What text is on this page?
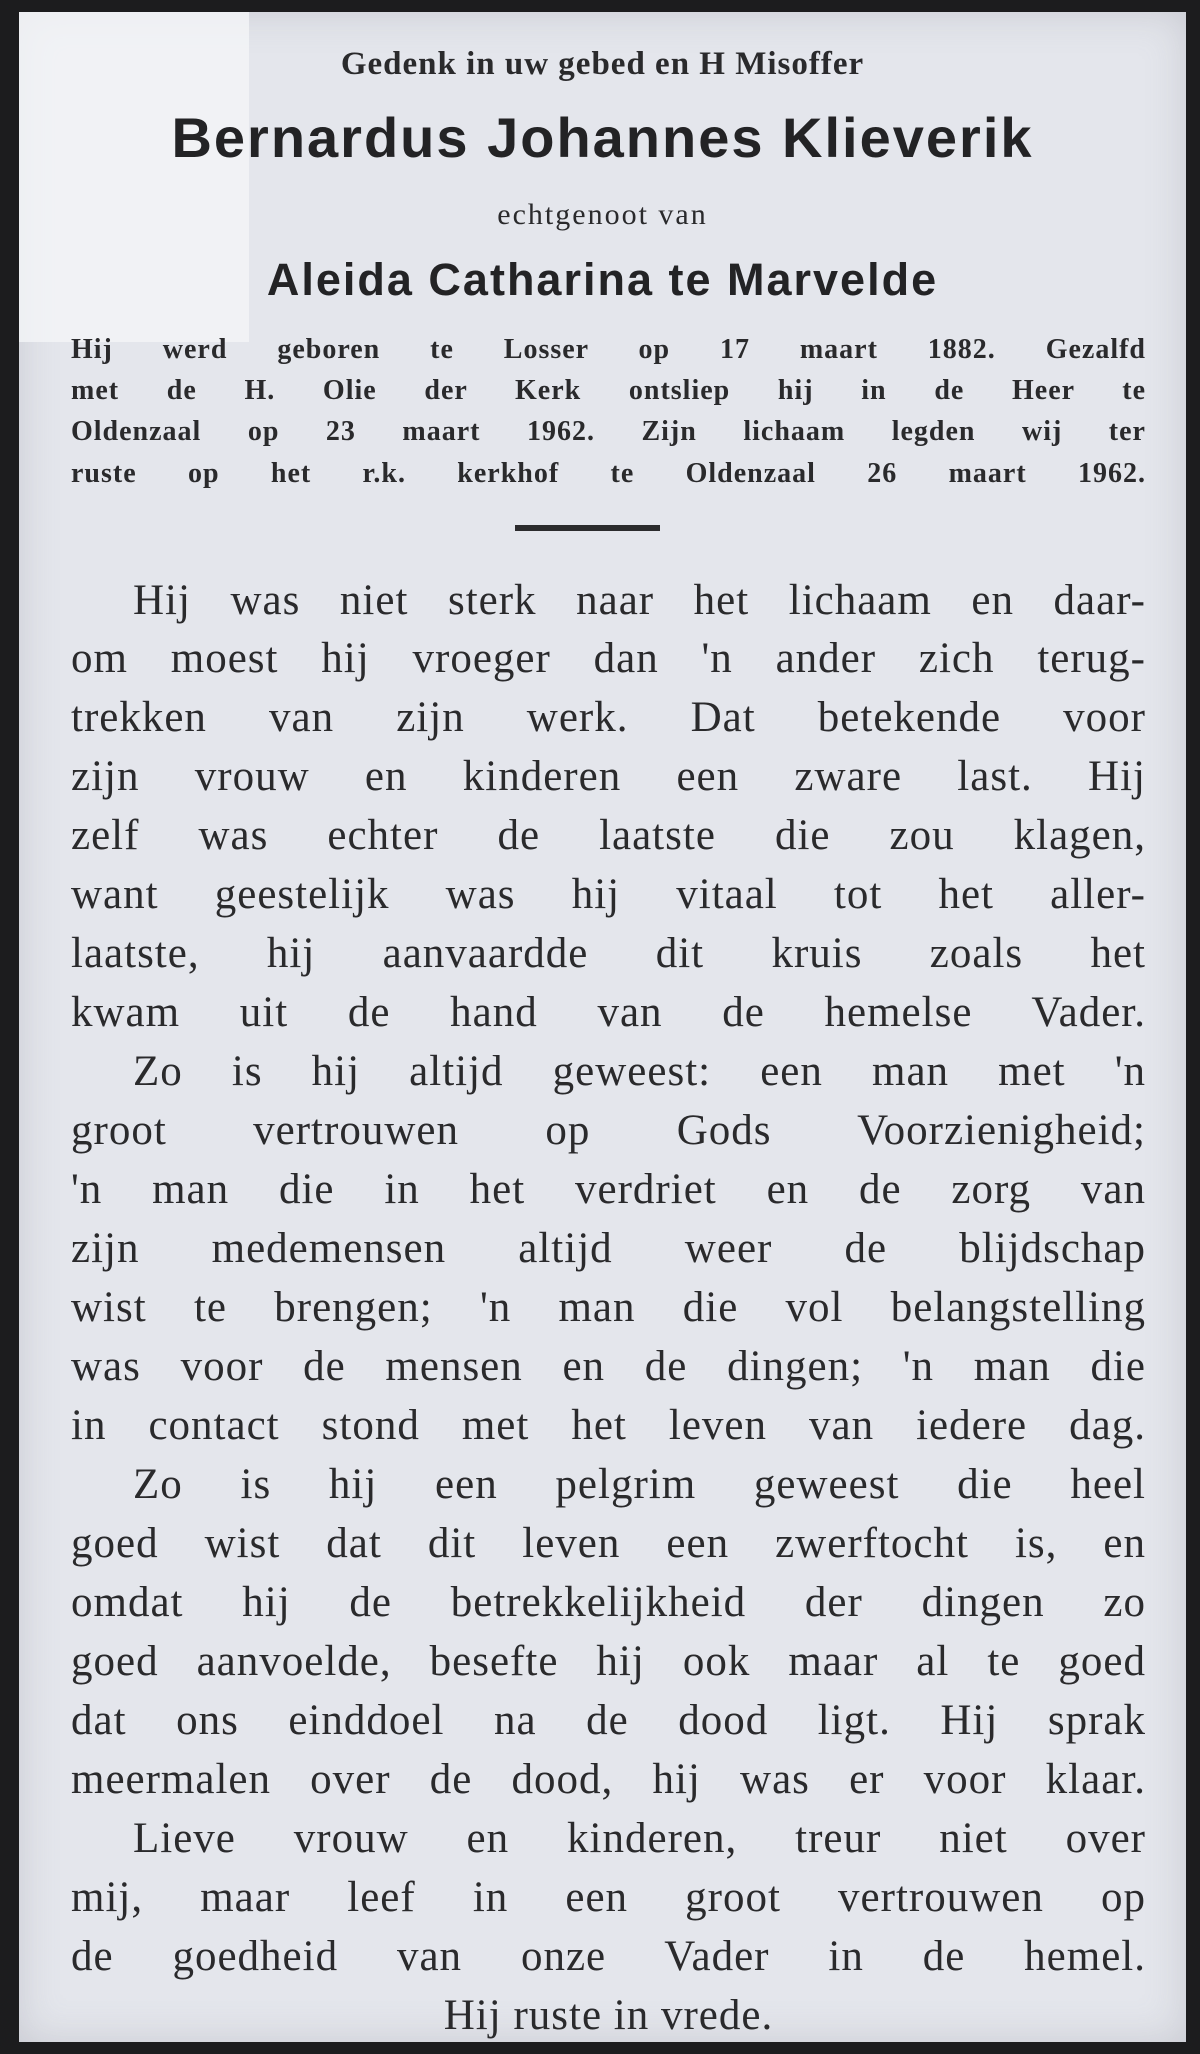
Gedenk in uw gebed en H Misoffer
Bernardus Johannes Klieverik
echtgenoot van
Aleida Catharina te Marvelde
Hij werd geboren te Losser op 17 maart 1882. Gezalfd
met de H. Olie der Kerk ontsliep hij in de Heer te
Oldenzaal op 23 maart 1962. Zijn lichaam legden wij ter
ruste op het r.k. kerkhof te Oldenzaal 26 maart 1962.
Hij was niet sterk naar het lichaam en daar-
om moest hij vroeger dan 'n ander zich terug-
trekken van zijn werk. Dat betekende voor
zijn vrouw en kinderen een zware last. Hij
zelf was echter de laatste die zou klagen,
want geestelijk was hij vitaal tot het aller-
laatste, hij aanvaardde dit kruis zoals het
kwam uit de hand van de hemelse Vader.
Zo is hij altijd geweest: een man met 'n
groot vertrouwen op Gods Voorzienigheid;
'n man die in het verdriet en de zorg van
zijn medemensen altijd weer de blijdschap
wist te brengen; 'n man die vol belangstelling
was voor de mensen en de dingen; 'n man die
in contact stond met het leven van iedere dag.
Zo is hij een pelgrim geweest die heel
goed wist dat dit leven een zwerftocht is, en
omdat hij de betrekkelijkheid der dingen zo
goed aanvoelde, besefte hij ook maar al te goed
dat ons einddoel na de dood ligt. Hij sprak
meermalen over de dood, hij was er voor klaar.
Lieve vrouw en kinderen, treur niet over
mij, maar leef in een groot vertrouwen op
de goedheid van onze Vader in de hemel.
Hij ruste in vrede.
